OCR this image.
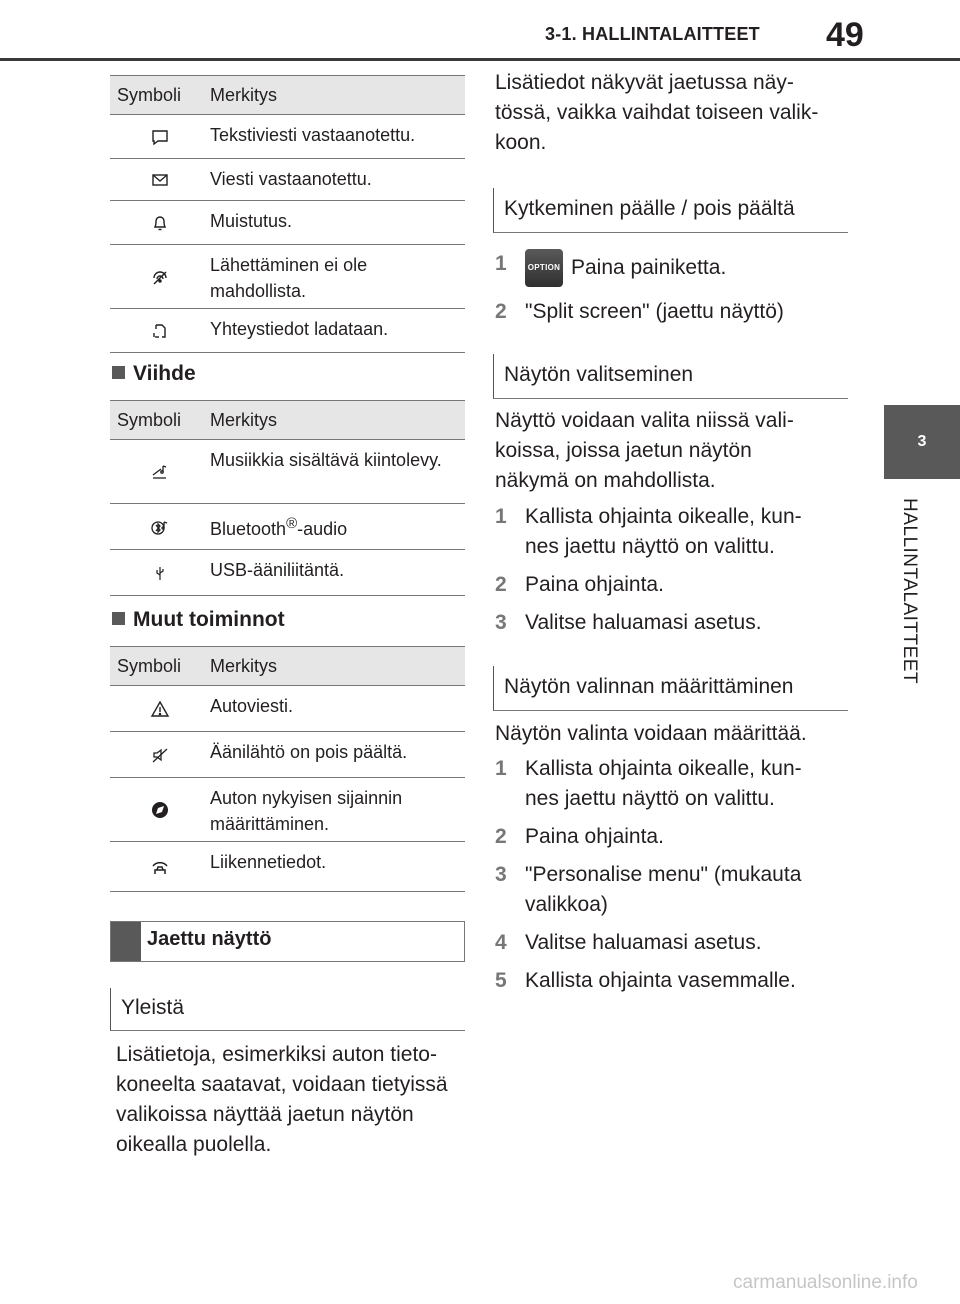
3-1. HALLINTALAITTEET 49
3
HALLINTALAITTEET
Symboli	Merkitys
Tekstiviesti vastaanotettu.
Viesti vastaanotettu.
Muistutus.
Lähettäminen ei ole mahdollista.
Yhteystiedot ladataan.
Viihde
Symboli	Merkitys
Musiikkia sisältävä kiintolevy.
Bluetooth®-audio
USB-ääniliitäntä.
Muut toiminnot
Symboli	Merkitys
Autoviesti.
Äänilähtö on pois päältä.
Auton nykyisen sijainnin määrittäminen.
Liikennetiedot.
Jaettu näyttö
Yleistä
Lisätietoja, esimerkiksi auton tieto-
koneelta saatavat, voidaan tietyissä
valikoissa näyttää jaetun näytön
oikealla puolella.
Lisätiedot näkyvät jaetussa näy-
tössä, vaikka vaihdat toiseen valik-
koon.
Kytkeminen päälle / pois päältä
1	OPTION Paina painiketta.
2 "Split screen" (jaettu näyttö)
Näytön valitseminen
Näyttö voidaan valita niissä vali-
koissa, joissa jaetun näytön
näkymä on mahdollista.
1 Kallista ohjainta oikealle, kun-
nes jaettu näyttö on valittu.
2 Paina ohjainta.
3 Valitse haluamasi asetus.
Näytön valinnan määrittäminen
Näytön valinta voidaan määrittää.
1 Kallista ohjainta oikealle, kun-
nes jaettu näyttö on valittu.
2 Paina ohjainta.
3 "Personalise menu" (mukauta
valikkoa)
4 Valitse haluamasi asetus.
5 Kallista ohjainta vasemmalle.
carmanualsonline.info
